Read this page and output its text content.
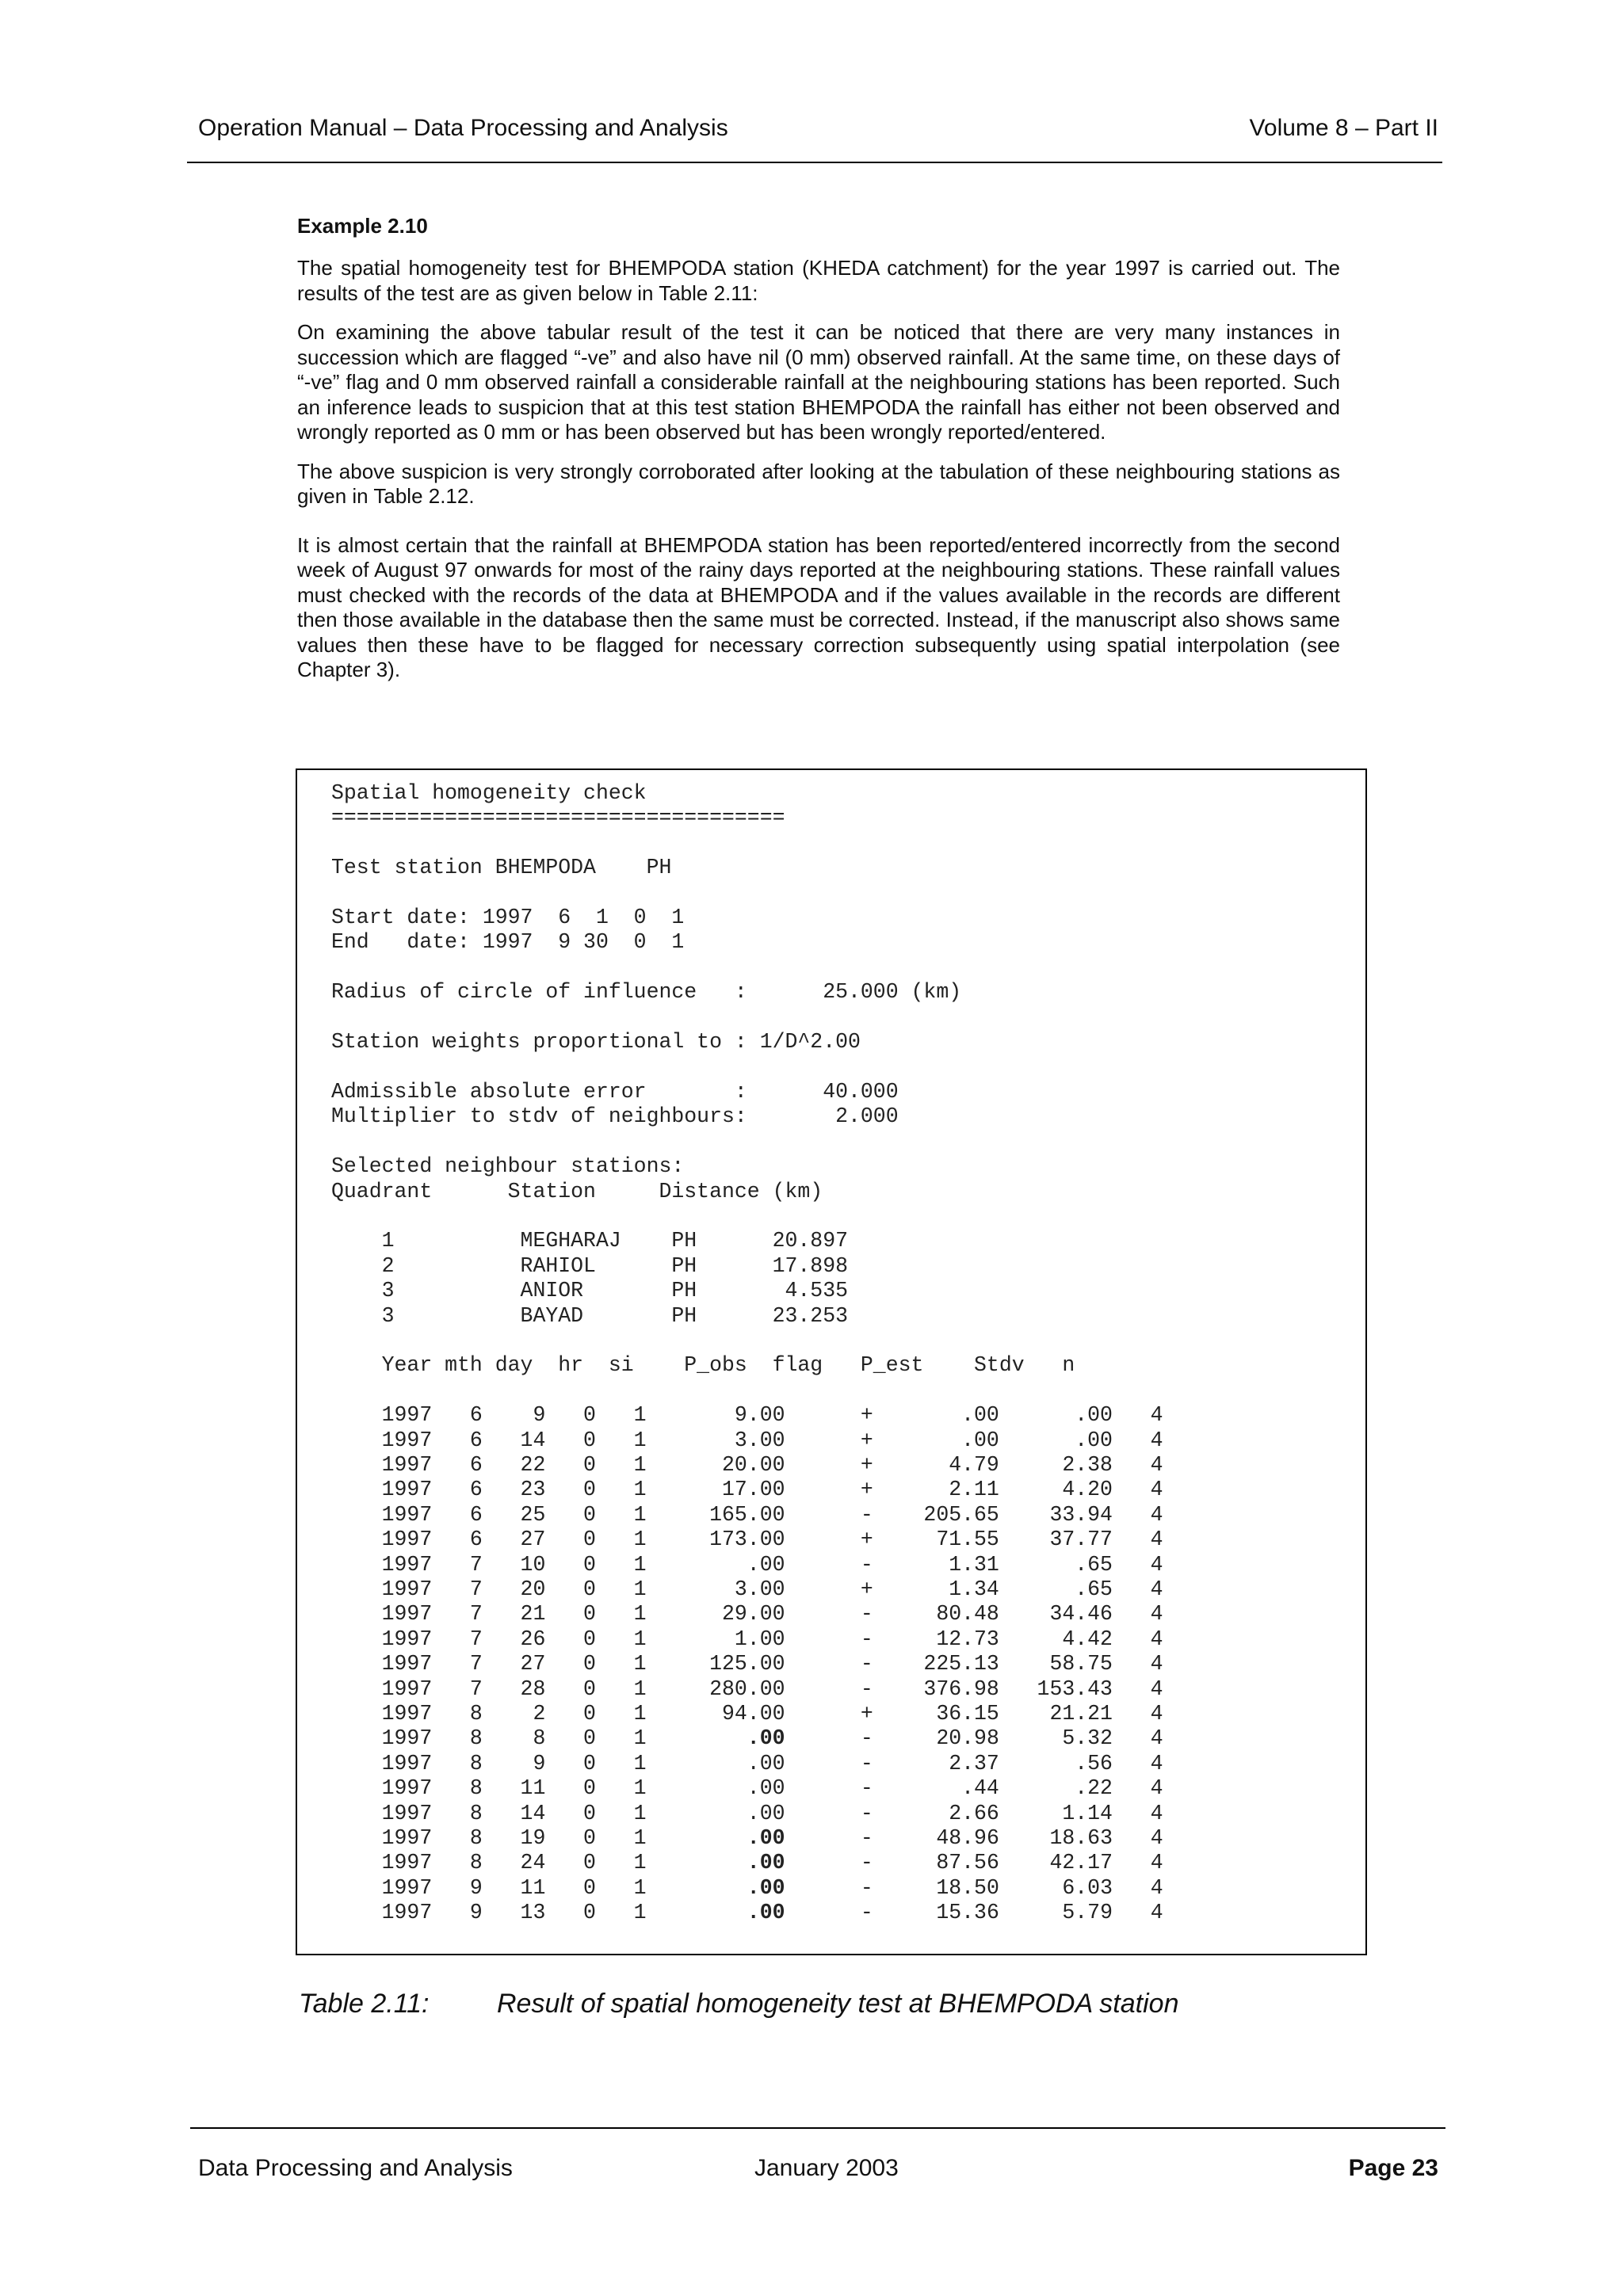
Operation Manual – Data Processing and Analysis	Volume 8 – Part II
Example 2.10

The spatial homogeneity test for BHEMPODA station (KHEDA catchment) for the year 1997 is carried out. The results of the test are as given below in Table 2.11:

On examining the above tabular result of the test it can be noticed that there are very many instances in succession which are flagged “-ve” and also have nil (0 mm) observed rainfall. At the same time, on these days of “-ve” flag and 0 mm observed rainfall a considerable rainfall at the neighbouring stations has been reported. Such an inference leads to suspicion that at this test station BHEMPODA the rainfall has either not been observed and wrongly reported as 0 mm or has been observed but has been wrongly reported/entered.

The above suspicion is very strongly corroborated after looking at the tabulation of these neighbouring stations as given in Table 2.12.

It is almost certain that the rainfall at BHEMPODA station has been reported/entered incorrectly from the second week of August 97 onwards for most of the rainy days reported at the neighbouring stations. These rainfall values must checked with the records of the data at BHEMPODA and if the values available in the records are different then those available in the database then the same must be corrected. Instead, if the manuscript also shows same values then these have to be flagged for necessary correction subsequently using spatial interpolation (see Chapter 3).

Spatial homogeneity check
====================================

Test station BHEMPODA    PH

Start date: 1997  6  1  0  1
End   date: 1997  9 30  0  1

Radius of circle of influence   :      25.000 (km)

Station weights proportional to : 1/D^2.00

Admissible absolute error       :      40.000
Multiplier to stdv of neighbours:       2.000

Selected neighbour stations:
Quadrant      Station     Distance (km)

1          MEGHARAJ    PH      20.897
2          RAHIOL      PH      17.898
3          ANIOR       PH       4.535
3          BAYAD       PH      23.253

Year mth day  hr  si    P_obs  flag   P_est    Stdv   n

1997   6    9   0   1       9.00      +       .00      .00   4
1997   6   14   0   1       3.00      +       .00      .00   4
1997   6   22   0   1      20.00      +      4.79     2.38   4
1997   6   23   0   1      17.00      +      2.11     4.20   4
1997   6   25   0   1     165.00      -    205.65    33.94   4
1997   6   27   0   1     173.00      +     71.55    37.77   4
1997   7   10   0   1        .00      -      1.31      .65   4
1997   7   20   0   1       3.00      +      1.34      .65   4
1997   7   21   0   1      29.00      -     80.48    34.46   4
1997   7   26   0   1       1.00      -     12.73     4.42   4
1997   7   27   0   1     125.00      -    225.13    58.75   4
1997   7   28   0   1     280.00      -    376.98   153.43   4
1997   8    2   0   1      94.00      +     36.15    21.21   4
1997   8    8   0   1        .00      -     20.98     5.32   4
1997   8    9   0   1        .00      -      2.37      .56   4
1997   8   11   0   1        .00      -       .44      .22   4
1997   8   14   0   1        .00      -      2.66     1.14   4
1997   8   19   0   1        .00      -     48.96    18.63   4
1997   8   24   0   1        .00      -     87.56    42.17   4
1997   9   11   0   1        .00      -     18.50     6.03   4
1997   9   13   0   1        .00      -     15.36     5.79   4
Table 2.11:	Result of spatial homogeneity test at BHEMPODA station
Data Processing and Analysis	January 2003	Page 23
